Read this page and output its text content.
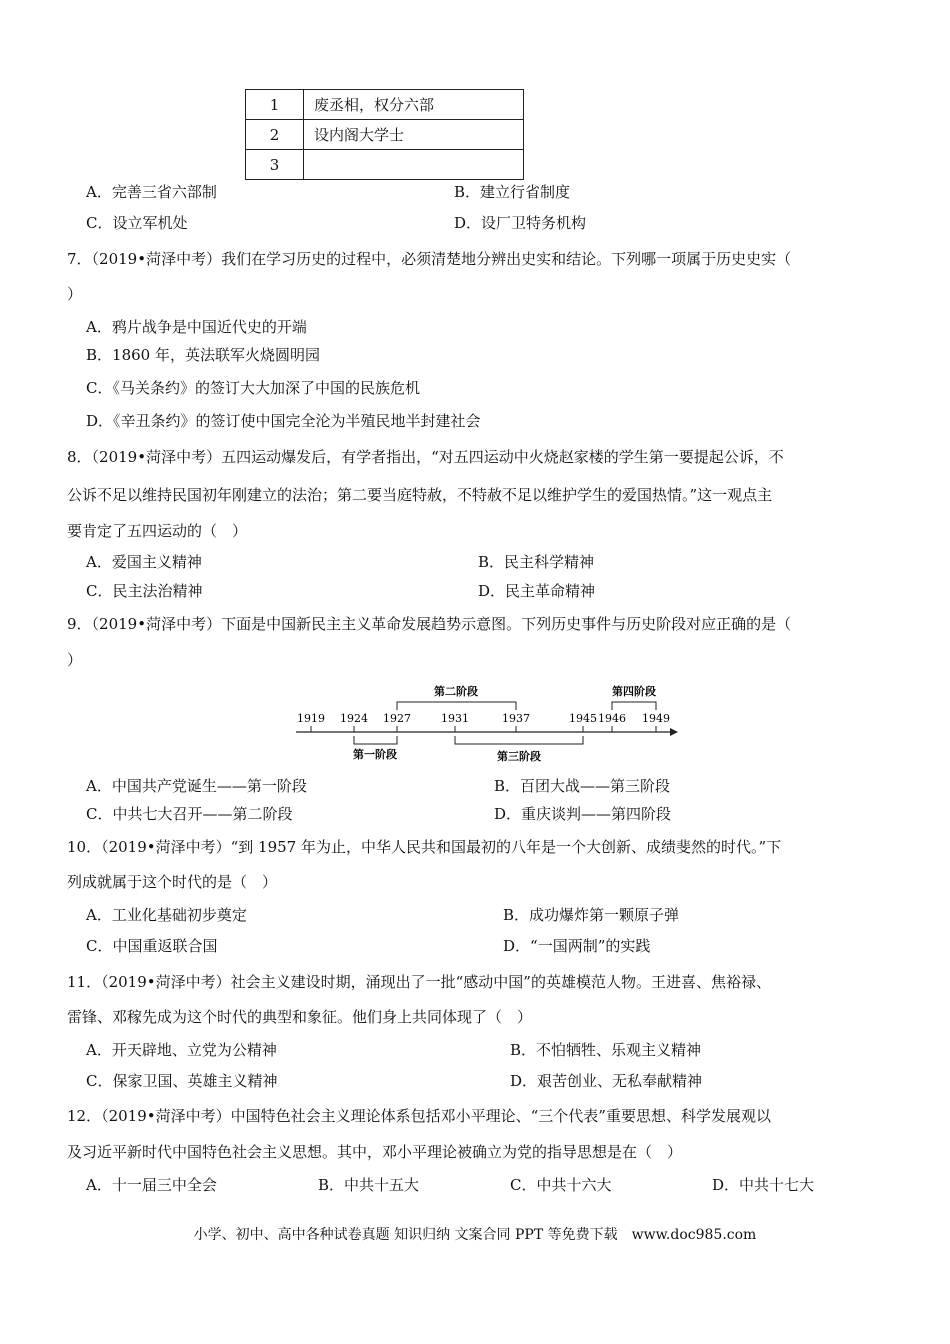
1	废丞相，权分六部
2	设内阁大学士
3	
A．完善三省六部制	B．建立行省制度
C．设立军机处	D．设厂卫特务机构
7．（2019•菏泽中考）我们在学习历史的过程中，必须清楚地分辨出史实和结论。下列哪一项属于历史史实（
）
A．鸦片战争是中国近代史的开端
B．1860 年，英法联军火烧圆明园
C．《马关条约》的签订大大加深了中国的民族危机
D．《辛丑条约》的签订使中国完全沦为半殖民地半封建社会
8．（2019•菏泽中考）五四运动爆发后，有学者指出，“对五四运动中火烧赵家楼的学生第一要提起公诉，不
公诉不足以维持民国初年刚建立的法治；第二要当庭特赦，不特赦不足以维护学生的爱国热情。”这一观点主
要肯定了五四运动的（　）
A．爱国主义精神	B．民主科学精神
C．民主法治精神	D．民主革命精神
9．（2019•菏泽中考）下面是中国新民主主义革命发展趋势示意图。下列历史事件与历史阶段对应正确的是（
）
1919 1924 1927	1931	1937	1945 1946 1949
第二阶段	第四阶段
第一阶段	第三阶段
A．中国共产党诞生——第一阶段	B．百团大战——第三阶段
C．中共七大召开——第二阶段	D．重庆谈判——第四阶段
10．（2019•菏泽中考）“到 1957 年为止，中华人民共和国最初的八年是一个大创新、成绩斐然的时代。”下
列成就属于这个时代的是（　）
A．工业化基础初步奠定	B．成功爆炸第一颗原子弹
C．中国重返联合国	D．“一国两制”的实践
11．（2019•菏泽中考）社会主义建设时期，涌现出了一批“感动中国”的英雄模范人物。王进喜、焦裕禄、
雷锋、邓稼先成为这个时代的典型和象征。他们身上共同体现了（　）
A．开天辟地、立党为公精神	B．不怕牺牲、乐观主义精神
C．保家卫国、英雄主义精神	D．艰苦创业、无私奉献精神
12．（2019•菏泽中考）中国特色社会主义理论体系包括邓小平理论、“三个代表”重要思想、科学发展观以
及习近平新时代中国特色社会主义思想。其中，邓小平理论被确立为党的指导思想是在（　）
A．十一届三中全会	B．中共十五大	C．中共十六大	D．中共十七大
小学、初中、高中各种试卷真题 知识归纳 文案合同 PPT 等免费下载　www.doc985.com
